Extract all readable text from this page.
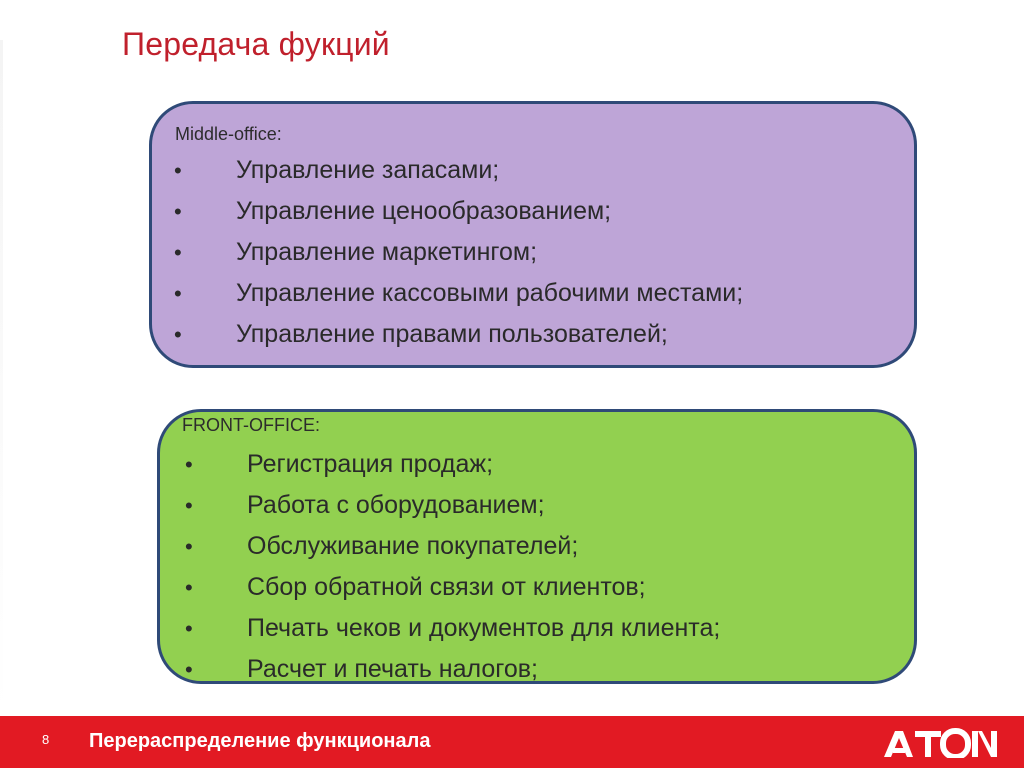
Передача фукций
Middle-office:
•	Управление запасами;
•	Управление ценообразованием;
•	Управление маркетингом;
•	Управление кассовыми рабочими местами;
•	Управление правами пользователей;
FRONT-OFFICE:
•	Регистрация продаж;
•	Работа с оборудованием;
•	Обслуживание покупателей;
•	Сбор обратной связи от клиентов;
•	Печать чеков и документов для клиента;
•	Расчет и печать налогов;
8 Перераспределение функционала
